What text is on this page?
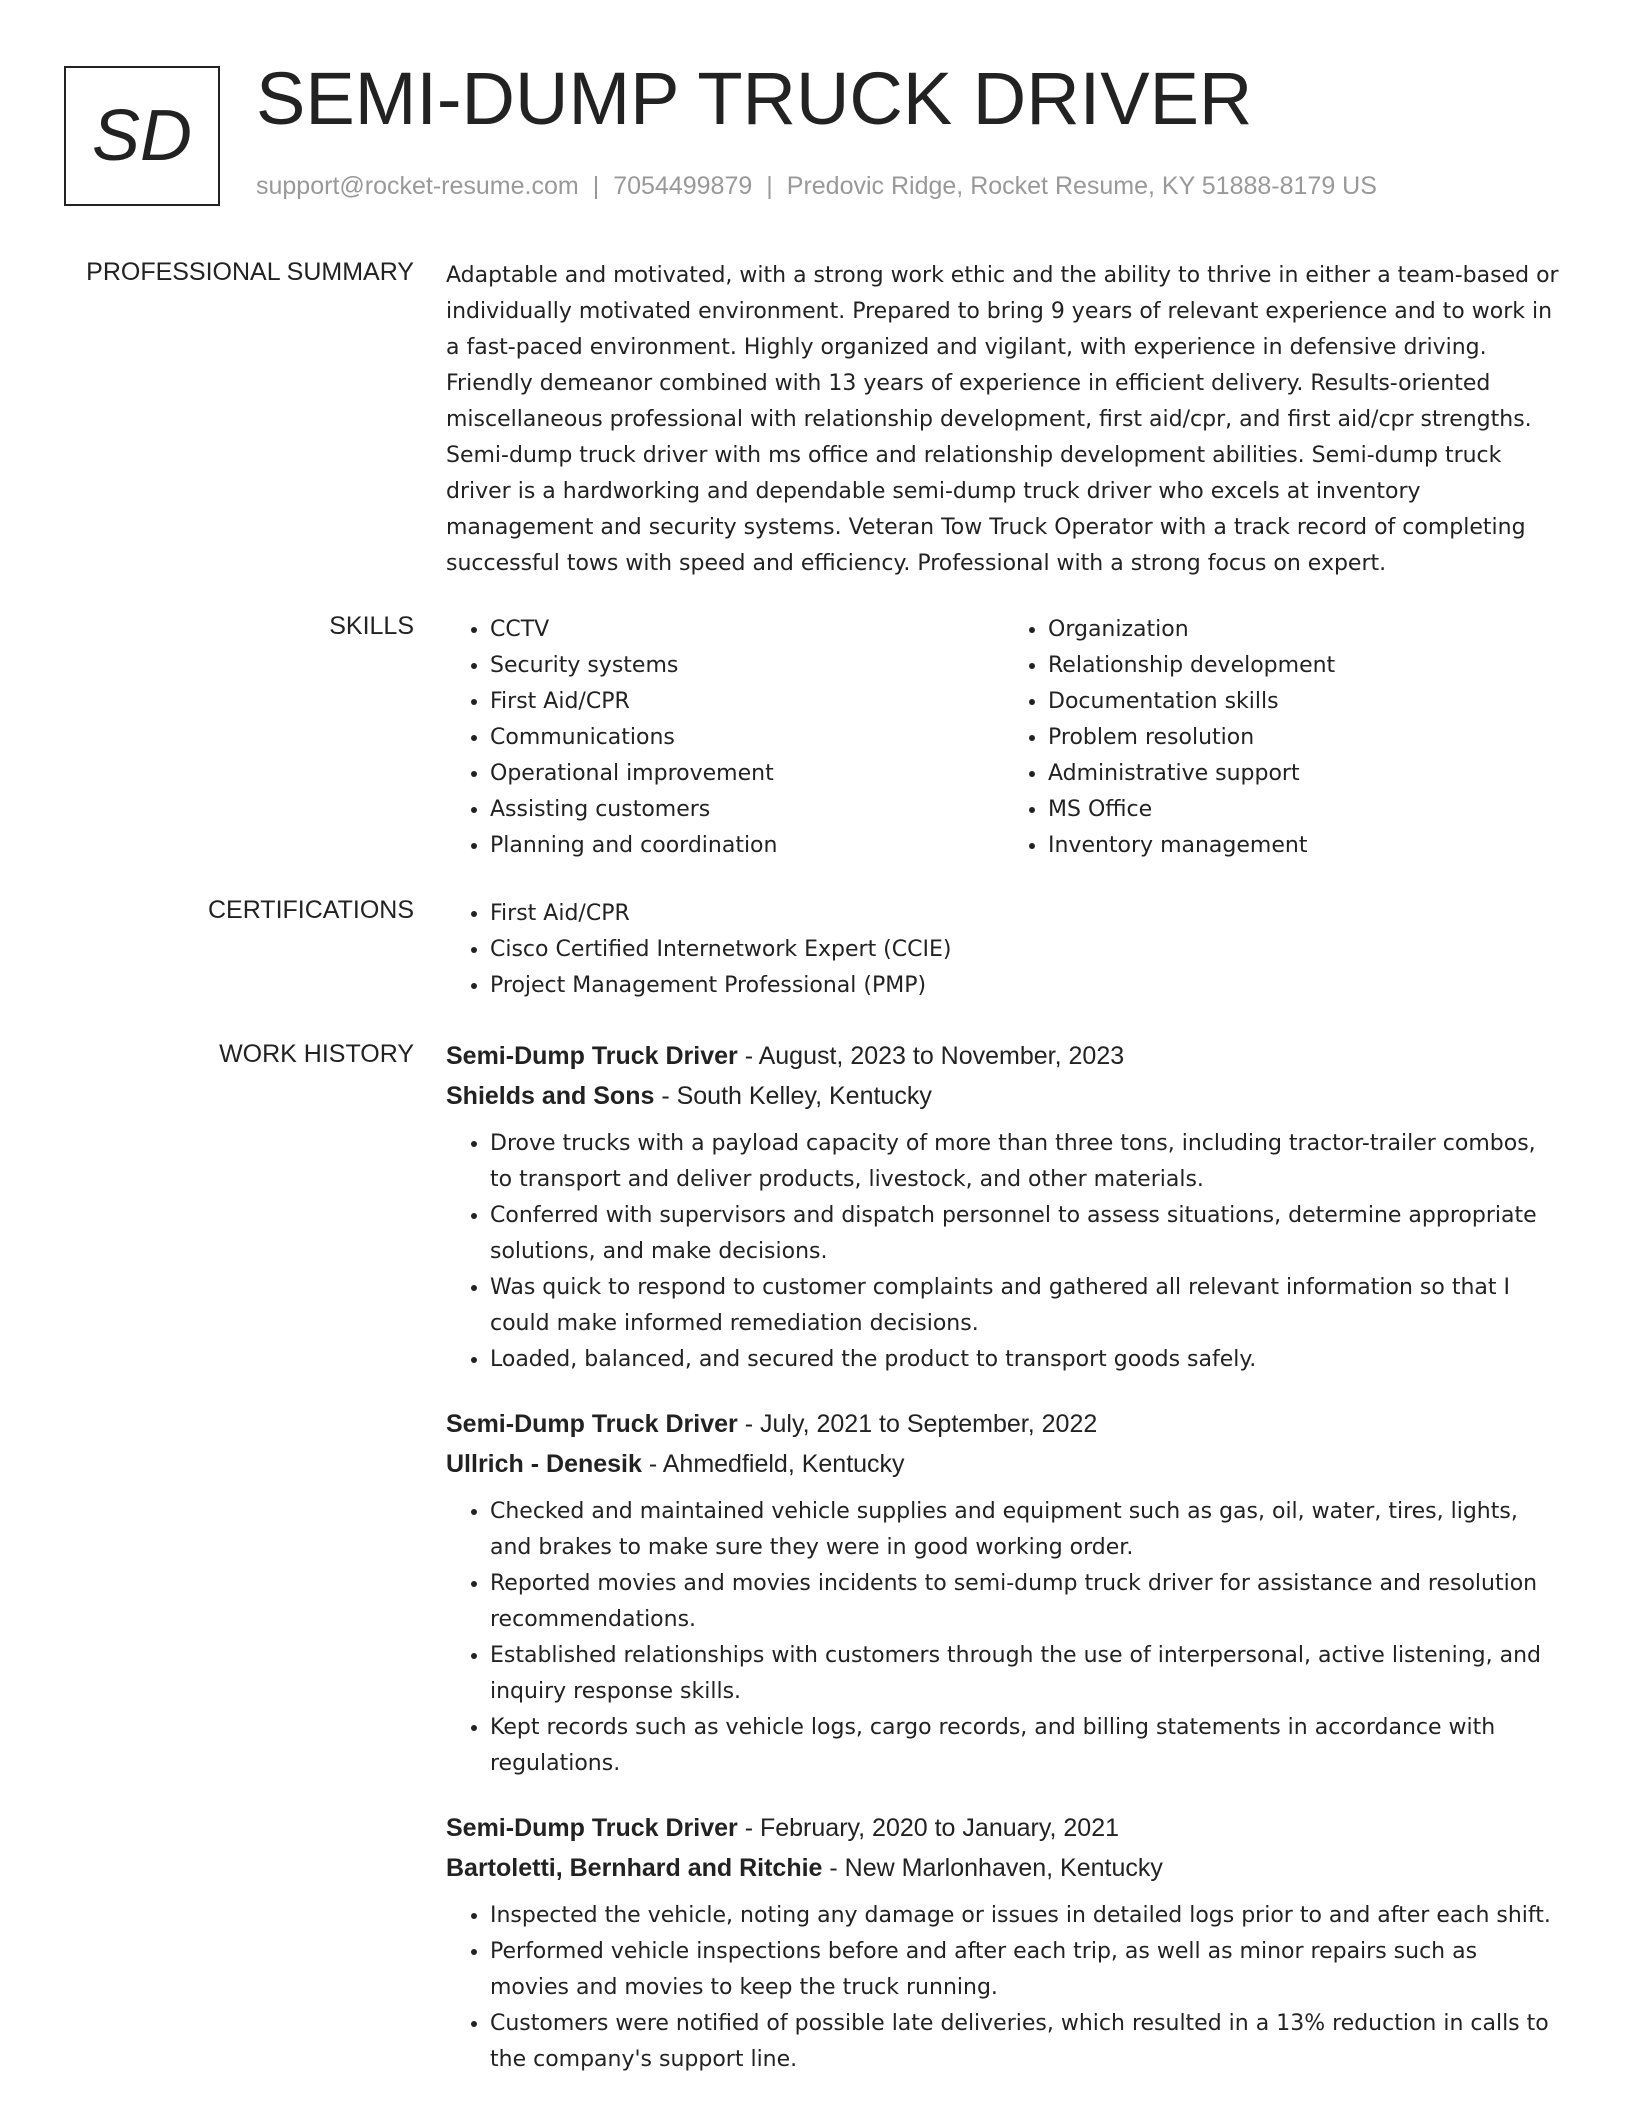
SD SEMI-DUMP TRUCK DRIVER
support@rocket-resume.com | 7054499879 | Predovic Ridge, Rocket Resume, KY 51888-8179 US
PROFESSIONAL SUMMARY Adaptable and motivated, with a strong work ethic and the ability to thrive in either a team-based or individually motivated environment. Prepared to bring 9 years of relevant experience and to work in a fast-paced environment. Highly organized and vigilant, with experience in defensive driving. Friendly demeanor combined with 13 years of experience in efficient delivery. Results-oriented miscellaneous professional with relationship development, first aid/cpr, and first aid/cpr strengths. Semi-dump truck driver with ms office and relationship development abilities. Semi-dump truck driver is a hardworking and dependable semi-dump truck driver who excels at inventory management and security systems. Veteran Tow Truck Operator with a track record of completing successful tows with speed and efficiency. Professional with a strong focus on expert.

SKILLS	• CCTV
• Security systems
• First Aid/CPR
• Communications
• Operational improvement
• Assisting customers
• Planning and coordination
• Organization
• Relationship development
• Documentation skills
• Problem resolution
• Administrative support
• MS Office
• Inventory management
CERTIFICATIONS	• First Aid/CPR
• Cisco Certified Internetwork Expert (CCIE)
• Project Management Professional (PMP)
WORK HISTORY Semi-Dump Truck Driver - August, 2023 to November, 2023
Shields and Sons - South Kelley, Kentucky
• Drove trucks with a payload capacity of more than three tons, including tractor-trailer combos, to transport and deliver products, livestock, and other materials.
• Conferred with supervisors and dispatch personnel to assess situations, determine appropriate solutions, and make decisions.
• Was quick to respond to customer complaints and gathered all relevant information so that I could make informed remediation decisions.
• Loaded, balanced, and secured the product to transport goods safely.
Semi-Dump Truck Driver - July, 2021 to September, 2022
Ullrich - Denesik - Ahmedfield, Kentucky
• Checked and maintained vehicle supplies and equipment such as gas, oil, water, tires, lights, and brakes to make sure they were in good working order.
• Reported movies and movies incidents to semi-dump truck driver for assistance and resolution recommendations.
• Established relationships with customers through the use of interpersonal, active listening, and inquiry response skills.
• Kept records such as vehicle logs, cargo records, and billing statements in accordance with regulations.
Semi-Dump Truck Driver - February, 2020 to January, 2021
Bartoletti, Bernhard and Ritchie - New Marlonhaven, Kentucky
• Inspected the vehicle, noting any damage or issues in detailed logs prior to and after each shift.
• Performed vehicle inspections before and after each trip, as well as minor repairs such as movies and movies to keep the truck running.
• Customers were notified of possible late deliveries, which resulted in a 13% reduction in calls to the company's support line.
